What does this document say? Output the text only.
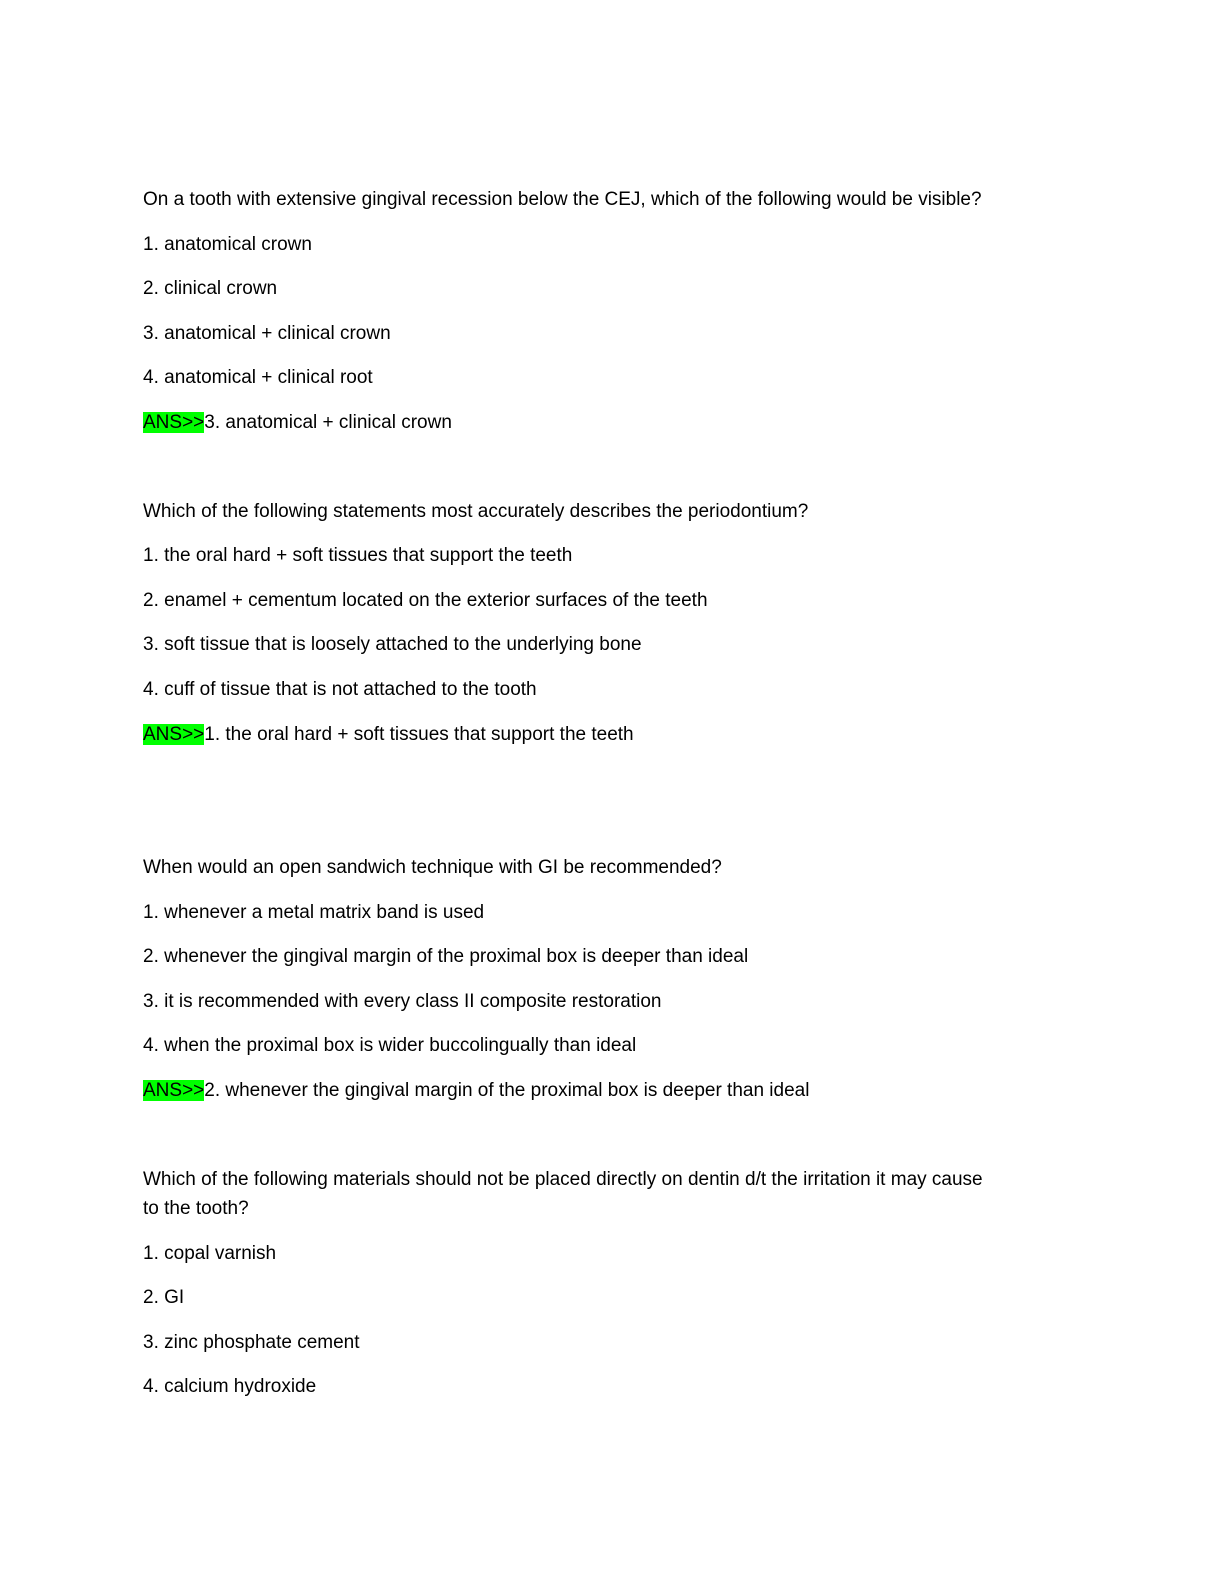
On a tooth with extensive gingival recession below the CEJ, which of the following would be visible?
1. anatomical crown
2. clinical crown
3. anatomical + clinical crown
4. anatomical + clinical root
ANS>>3. anatomical + clinical crown
Which of the following statements most accurately describes the periodontium?
1. the oral hard + soft tissues that support the teeth
2. enamel + cementum located on the exterior surfaces of the teeth
3. soft tissue that is loosely attached to the underlying bone
4. cuff of tissue that is not attached to the tooth
ANS>>1. the oral hard + soft tissues that support the teeth
When would an open sandwich technique with GI be recommended?
1. whenever a metal matrix band is used
2. whenever the gingival margin of the proximal box is deeper than ideal
3. it is recommended with every class II composite restoration
4. when the proximal box is wider buccolingually than ideal
ANS>>2. whenever the gingival margin of the proximal box is deeper than ideal
Which of the following materials should not be placed directly on dentin d/t the irritation it may cause
to the tooth?
1. copal varnish
2. GI
3. zinc phosphate cement
4. calcium hydroxide
